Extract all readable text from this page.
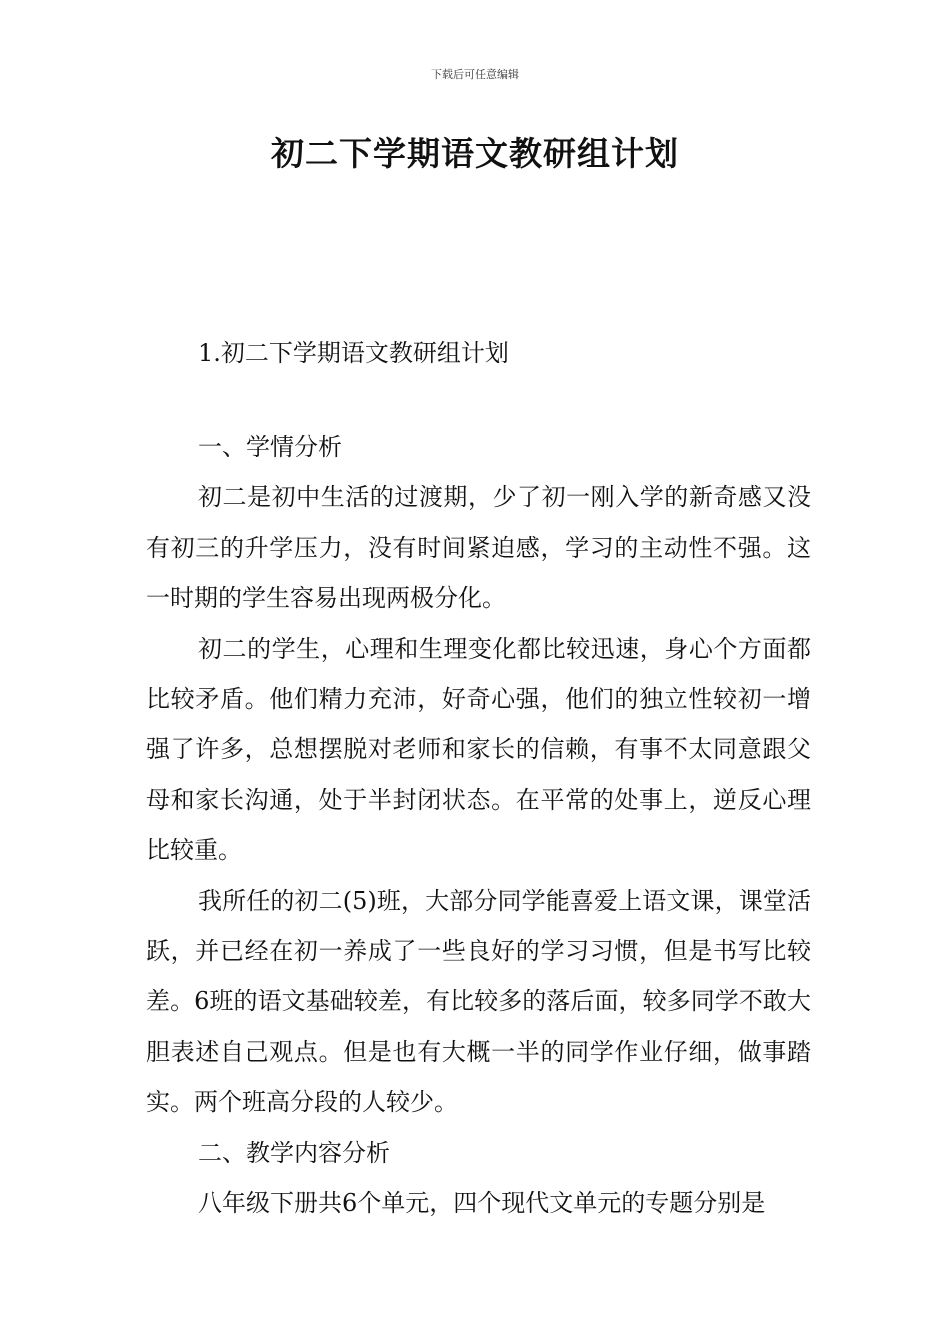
下载后可任意编辑
初二下学期语文教研组计划

1.初二下学期语文教研组计划

一、学情分析

初二是初中生活的过渡期，少了初一刚入学的新奇感又没有初三的升学压力，没有时间紧迫感，学习的主动性不强。这一时期的学生容易出现两极分化。

初二的学生，心理和生理变化都比较迅速，身心个方面都比较矛盾。他们精力充沛，好奇心强，他们的独立性较初一增强了许多，总想摆脱对老师和家长的信赖，有事不太同意跟父母和家长沟通，处于半封闭状态。在平常的处事上，逆反心理比较重。

我所任的初二(5)班，大部分同学能喜爱上语文课，课堂活跃，并已经在初一养成了一些良好的学习习惯，但是书写比较差。6班的语文基础较差，有比较多的落后面，较多同学不敢大胆表述自己观点。但是也有大概一半的同学作业仔细，做事踏实。两个班高分段的人较少。

二、教学内容分析

八年级下册共6个单元，四个现代文单元的专题分别是
